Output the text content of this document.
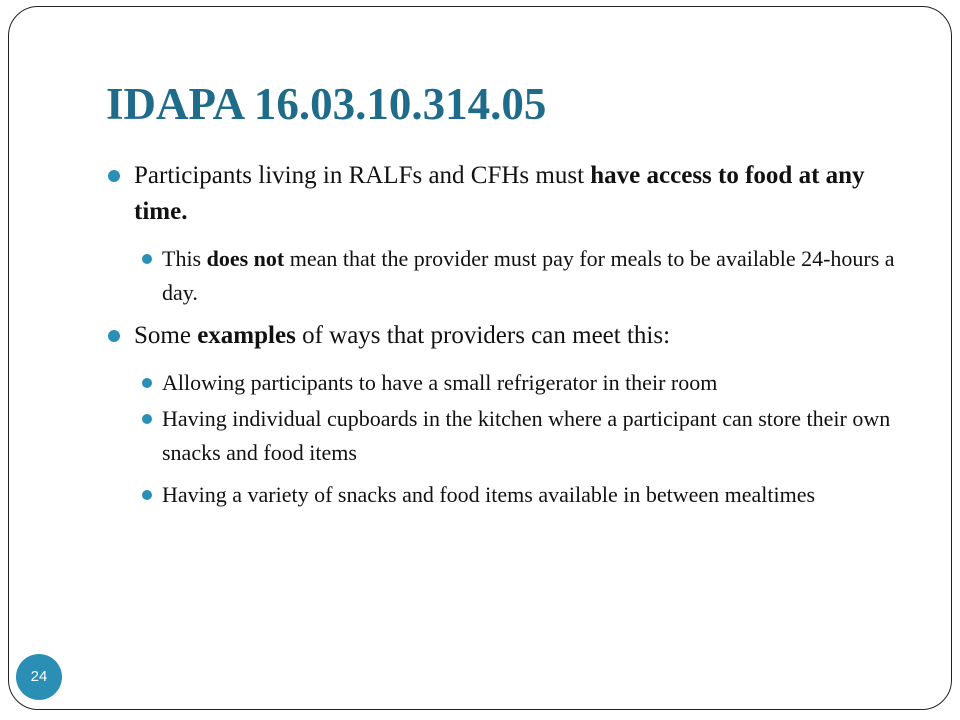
IDAPA 16.03.10.314.05
Participants living in RALFs and CFHs must have access to food at any time.
This does not mean that the provider must pay for meals to be available 24-hours a day.
Some examples of ways that providers can meet this:
Allowing participants to have a small refrigerator in their room
Having individual cupboards in the kitchen where a participant can store their own snacks and food items
Having a variety of snacks and food items available in between mealtimes
24
